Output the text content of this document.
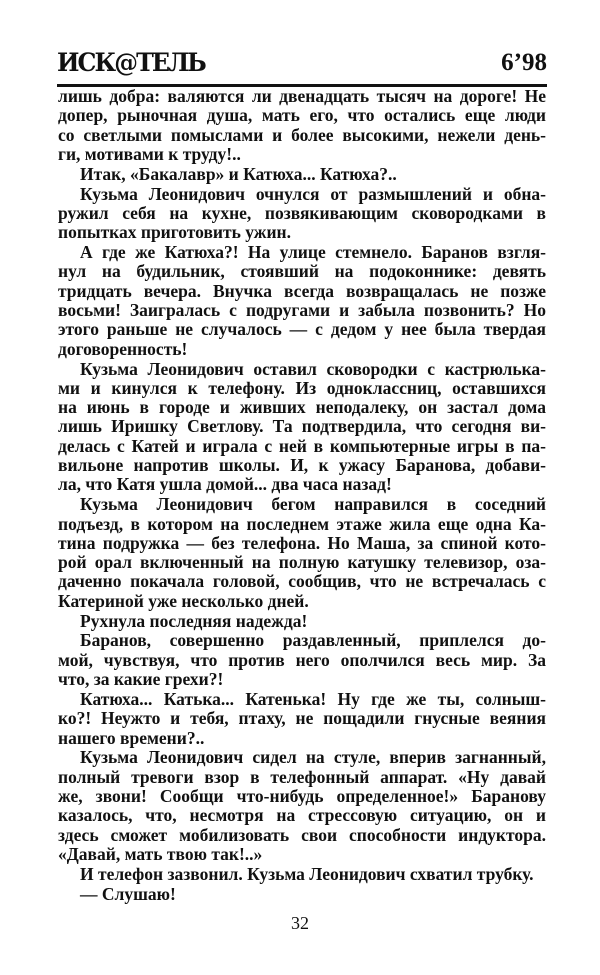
ИСК@ТЕЛЬ	6’98
лишь добра: валяются ли двенадцать тысяч на дороге! Не
допер, рыночная душа, мать его, что остались еще люди
со светлыми помыслами и более высокими, нежели день-
ги, мотивами к труду!..
Итак, «Бакалавр» и Катюха... Катюха?..
Кузьма Леонидович очнулся от размышлений и обна-
ружил себя на кухне, позвякивающим сковородками в
попытках приготовить ужин.
А где же Катюха?! На улице стемнело. Баранов взгля-
нул на будильник, стоявший на подоконнике: девять
тридцать вечера. Внучка всегда возвращалась не позже
восьми! Заигралась с подругами и забыла позвонить? Но
этого раньше не случалось — с дедом у нее была твердая
договоренность!
Кузьма Леонидович оставил сковородки с кастрюлька-
ми и кинулся к телефону. Из одноклассниц, оставшихся
на июнь в городе и живших неподалеку, он застал дома
лишь Иришку Светлову. Та подтвердила, что сегодня ви-
делась с Катей и играла с ней в компьютерные игры в па-
вильоне напротив школы. И, к ужасу Баранова, добави-
ла, что Катя ушла домой... два часа назад!
Кузьма Леонидович бегом направился в соседний
подъезд, в котором на последнем этаже жила еще одна Ка-
тина подружка — без телефона. Но Маша, за спиной кото-
рой орал включенный на полную катушку телевизор, оза-
даченно покачала головой, сообщив, что не встречалась с
Катериной уже несколько дней.
Рухнула последняя надежда!
Баранов, совершенно раздавленный, приплелся до-
мой, чувствуя, что против него ополчился весь мир. За
что, за какие грехи?!
Катюха... Катька... Катенька! Ну где же ты, солныш-
ко?! Неужто и тебя, птаху, не пощадили гнусные веяния
нашего времени?..
Кузьма Леонидович сидел на стуле, вперив загнанный,
полный тревоги взор в телефонный аппарат. «Ну давай
же, звони! Сообщи что-нибудь определенное!» Баранову
казалось, что, несмотря на стрессовую ситуацию, он и
здесь сможет мобилизовать свои способности индуктора.
«Давай, мать твою так!..»
И телефон зазвонил. Кузьма Леонидович схватил трубку.
— Слушаю!
32
